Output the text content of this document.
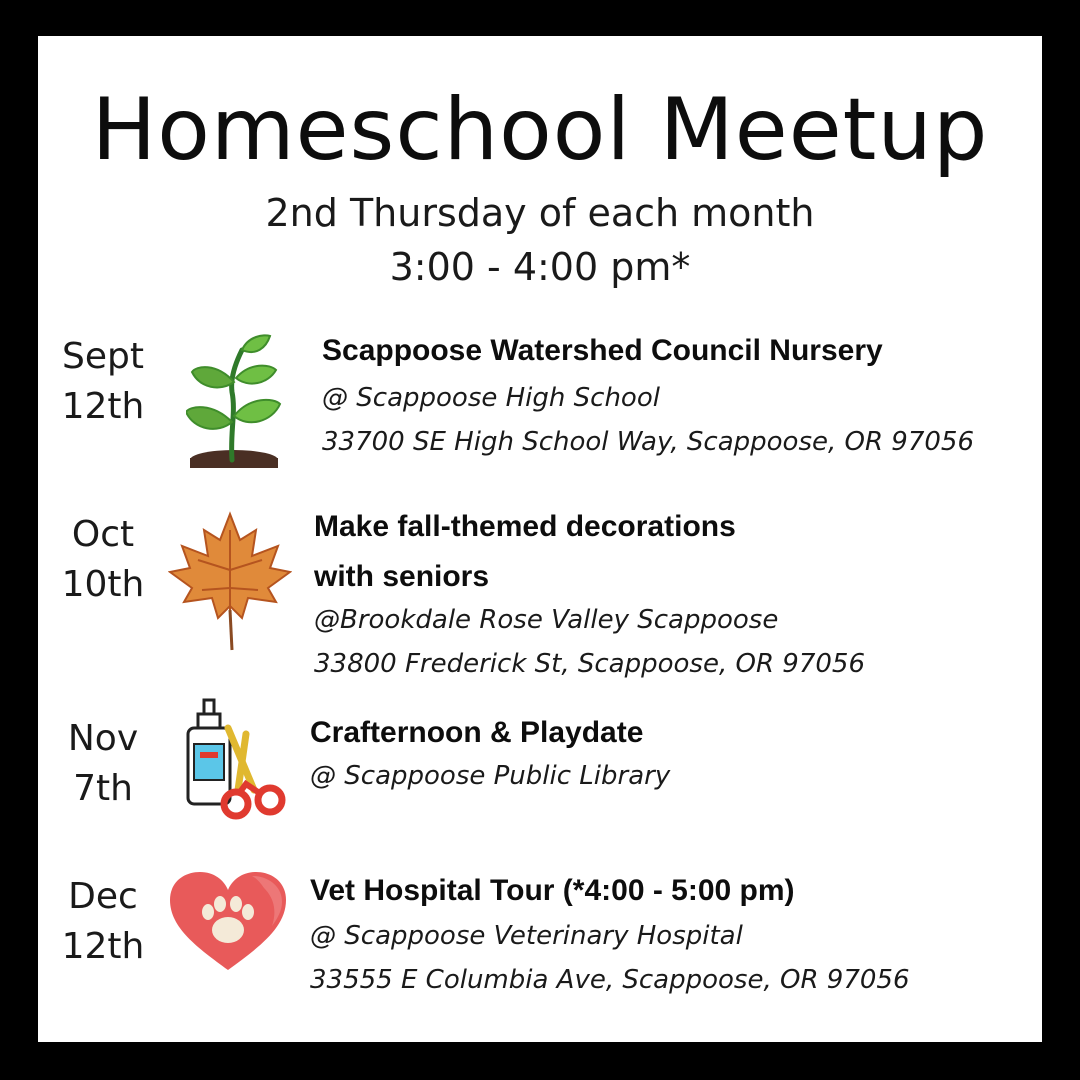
Homeschool Meetup
2nd Thursday of each month
3:00 - 4:00 pm*
Sept
12th
Scappoose Watershed Council Nursery
@ Scappoose High School
33700 SE High School Way, Scappoose, OR 97056
Oct
10th
Make fall-themed decorations
with seniors
@Brookdale Rose Valley Scappoose
33800 Frederick St, Scappoose, OR 97056
Nov
7th
Crafternoon & Playdate
@ Scappoose Public Library
Dec
12th
Vet Hospital Tour (*4:00 - 5:00 pm)
@ Scappoose Veterinary Hospital
33555 E Columbia Ave, Scappoose, OR 97056
